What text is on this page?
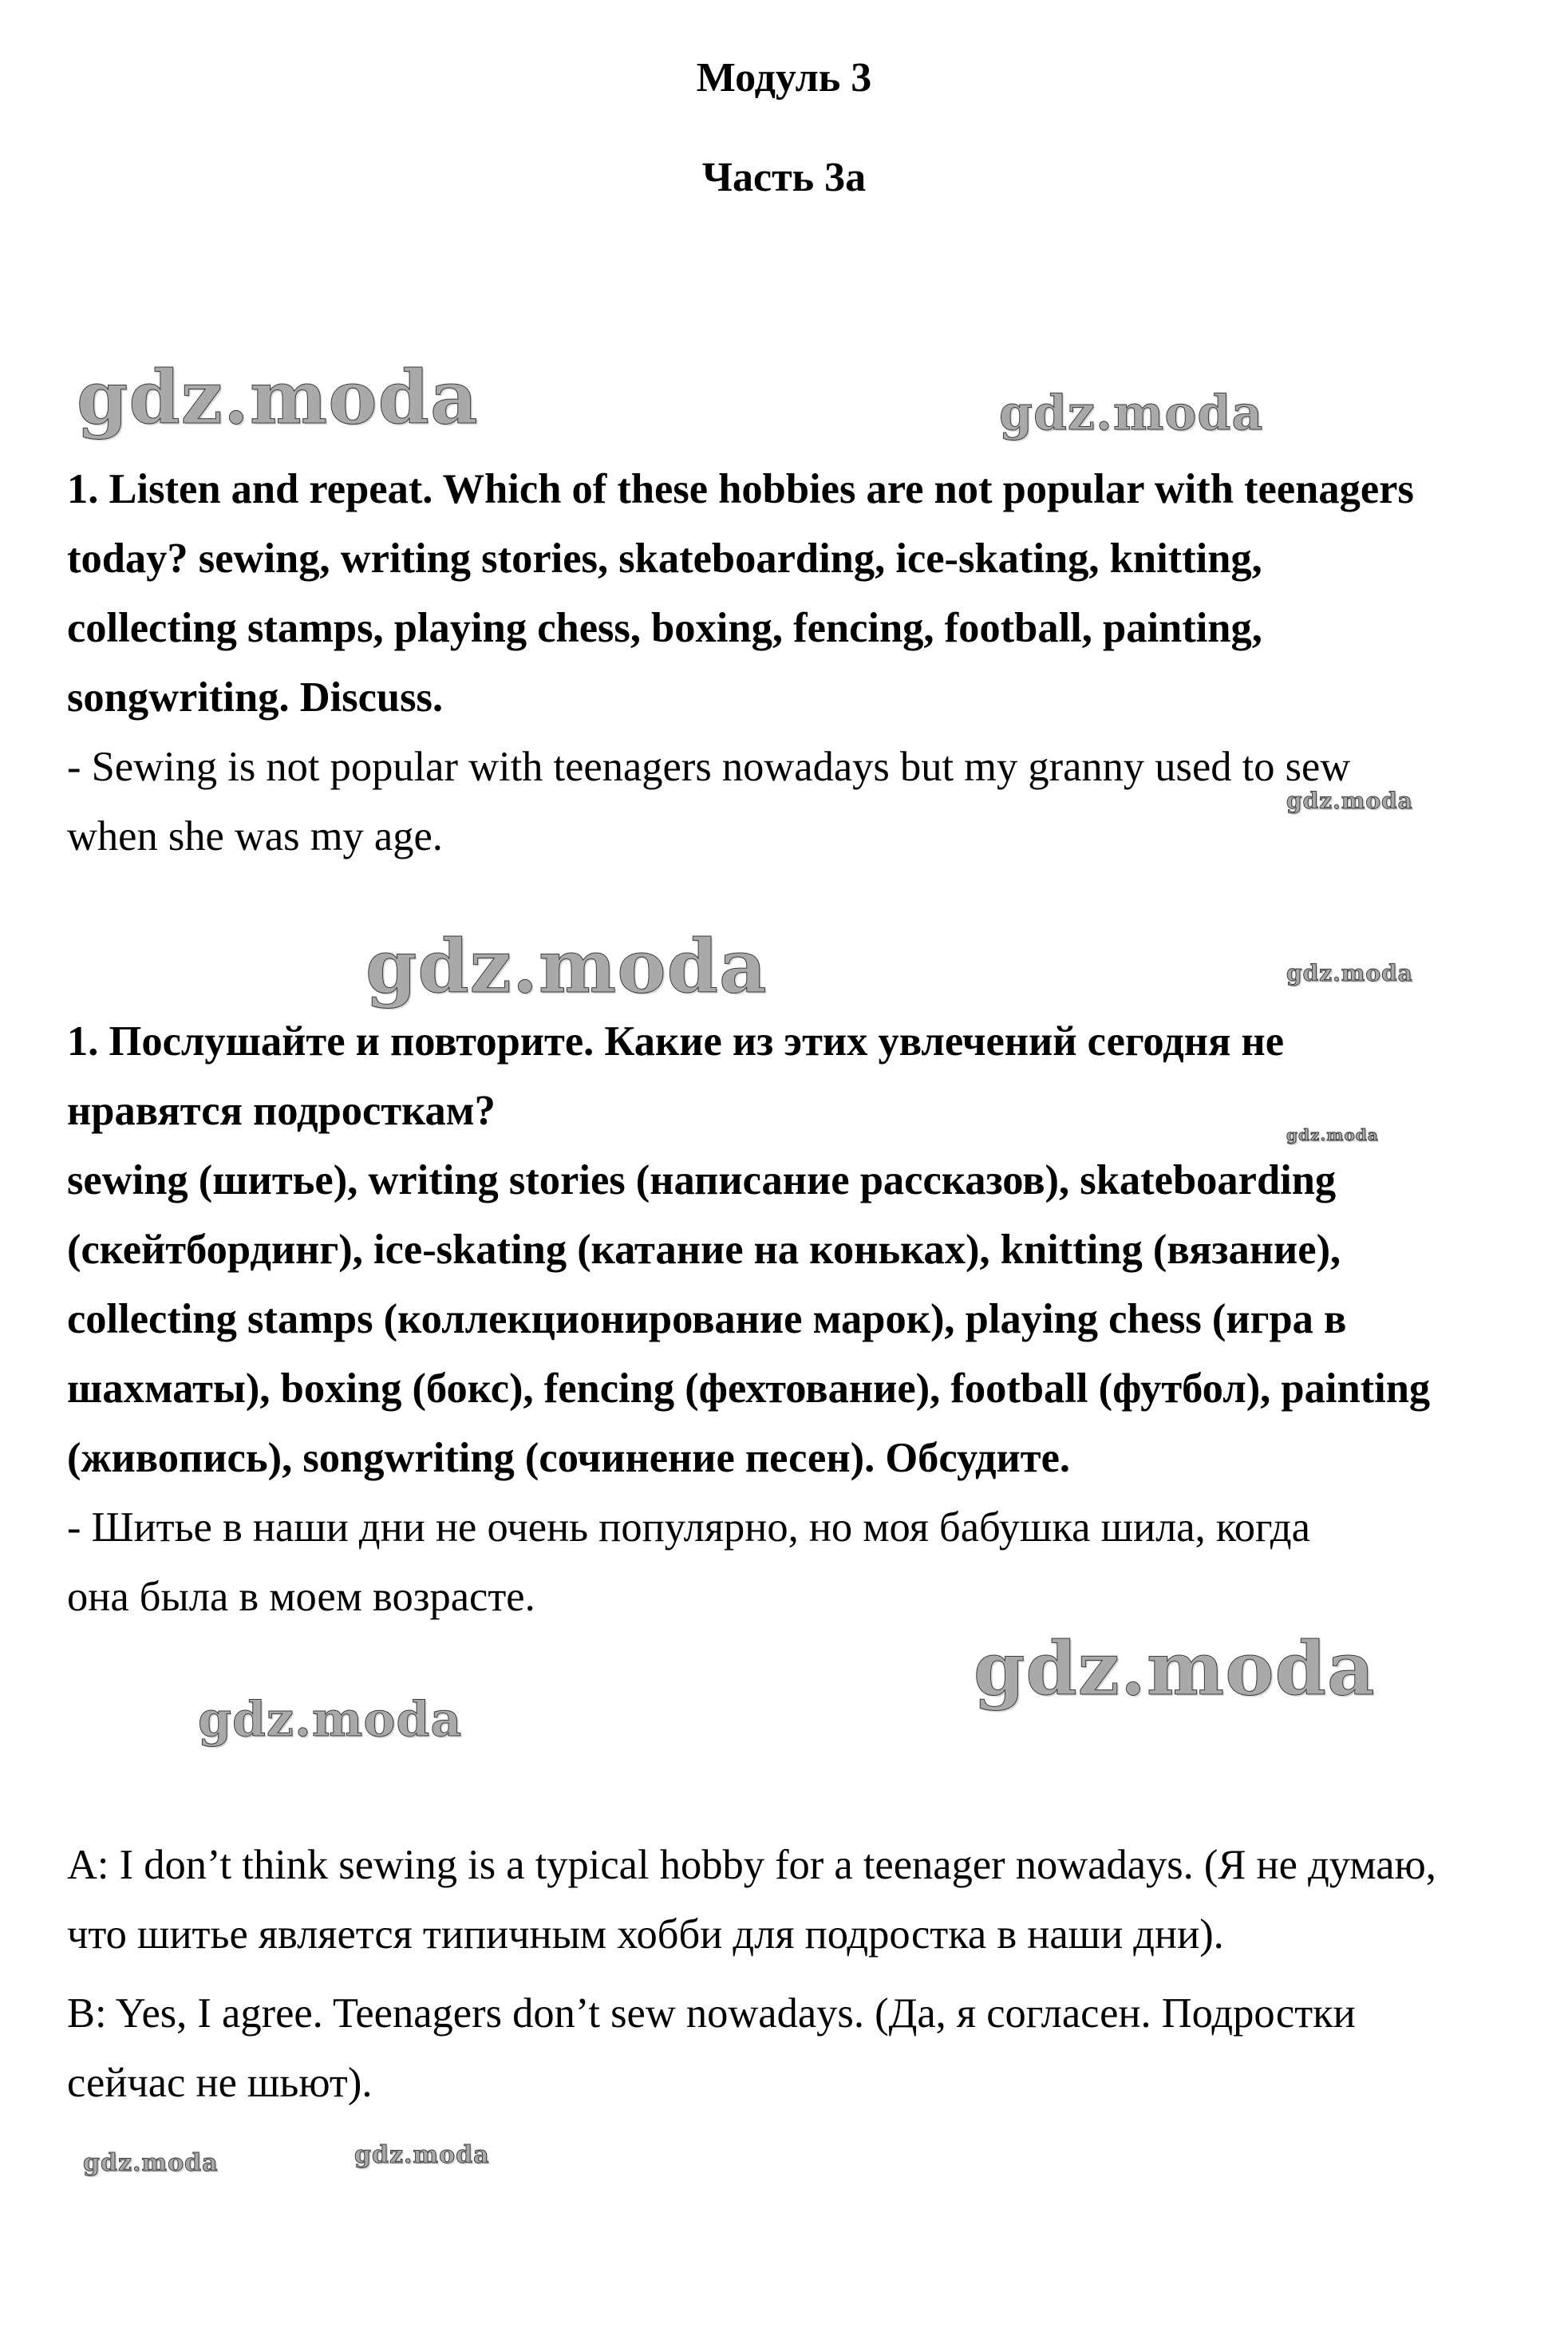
Модуль 3
Часть 3a

1. Listen and repeat. Which of these hobbies are not popular with teenagers today? sewing, writing stories, skateboarding, ice-skating, knitting, collecting stamps, playing chess, boxing, fencing, football, painting, songwriting. Discuss.

- Sewing is not popular with teenagers nowadays but my granny used to sew when she was my age.

1. Послушайте и повторите. Какие из этих увлечений сегодня не нравятся подросткам?

sewing (шитье), writing stories (написание рассказов), skateboarding (скейтбординг), ice-skating (катание на коньках), knitting (вязание), collecting stamps (коллекционирование марок), playing chess (игра в шахматы), boxing (бокс), fencing (фехтование), football (футбол), painting (живопись), songwriting (сочинение песен). Обсудите.

- Шитье в наши дни не очень популярно, но моя бабушка шила, когда она была в моем возрасте.

A: I don’t think sewing is a typical hobby for a teenager nowadays. (Я не думаю, что шитье является типичным хобби для подростка в наши дни).

B: Yes, I agree. Teenagers don’t sew nowadays. (Да, я согласен. Подростки сейчас не шьют).

gdz.moda	gdz.moda
gdz.moda
gdz.moda	gdz.moda
gdz.moda
gdz.moda
gdz.moda
gdz.moda	gdz.moda
